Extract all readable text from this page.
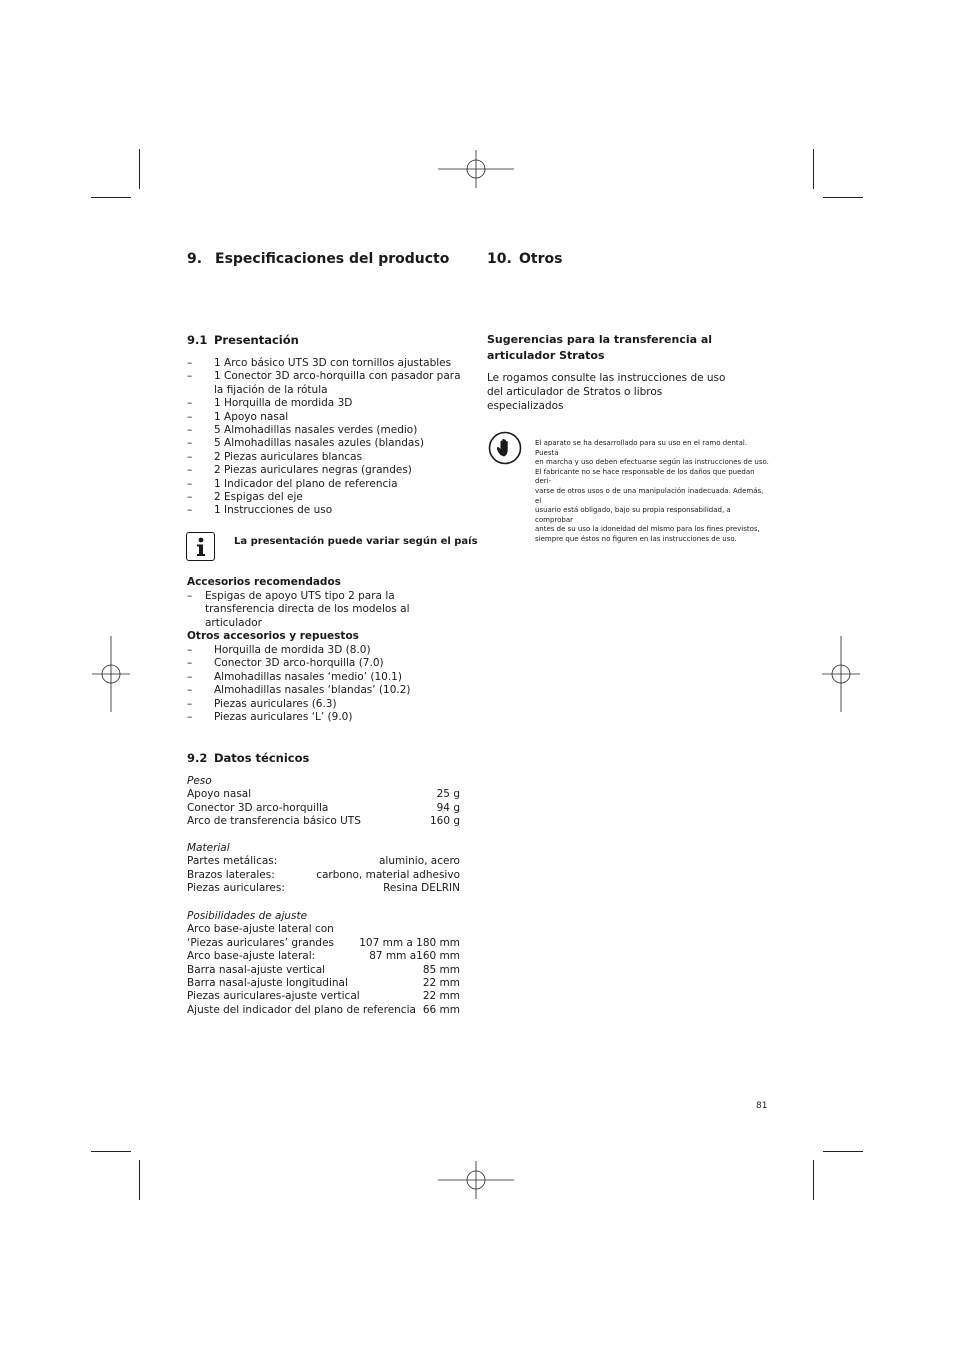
9. Especificaciones del producto
9.1 Presentación
– 1 Arco básico UTS 3D con tornillos ajustables
– 1 Conector 3D arco-horquilla con pasador para la fijación de la rótula
– 1 Horquilla de mordida 3D
– 1 Apoyo nasal
– 5 Almohadillas nasales verdes (medio)
– 5 Almohadillas nasales azules (blandas)
– 2 Piezas auriculares blancas
– 2 Piezas auriculares negras (grandes)
– 1 Indicador del plano de referencia
– 2 Espigas del eje
– 1 Instrucciones de uso
La presentación puede variar según el país
Accesorios recomendados
– Espigas de apoyo UTS tipo 2 para la transferencia directa de los modelos al articulador
Otros accesorios y repuestos
– Horquilla de mordida 3D (8.0)
– Conector 3D arco-horquilla (7.0)
– Almohadillas nasales ‘medio’ (10.1)
– Almohadillas nasales ‘blandas’ (10.2)
– Piezas auriculares (6.3)
– Piezas auriculares ‘L’ (9.0)
9.2 Datos técnicos
Peso
Apoyo nasal	25 g
Conector 3D arco-horquilla	94 g
Arco de transferencia básico UTS	160 g
Material
Partes metálicas:	aluminio, acero
Brazos laterales:	carbono, material adhesivo
Piezas auriculares:	Resina DELRIN
Posibilidades de ajuste
Arco base-ajuste lateral con
‘Piezas auriculares’ grandes 107 mm a 180 mm
Arco base-ajuste lateral:	87 mm a160 mm
Barra nasal-ajuste vertical	85 mm
Barra nasal-ajuste longitudinal	22 mm
Piezas auriculares-ajuste vertical	22 mm
Ajuste del indicador del plano de referencia 66 mm
10. Otros
Sugerencias para la transferencia al articulador Stratos
Le rogamos consulte las instrucciones de uso del articulador de Stratos o libros especializados
El aparato se ha desarrollado para su uso en el ramo dental. Puesta
en marcha y uso deben efectuarse según las instrucciones de uso.
El fabricante no se hace responsable de los daños que puedan deri-
varse de otros usos o de una manipulación inadecuada. Además, el
usuario está obligado, bajo su propia responsabilidad, a comprobar
antes de su uso la idoneidad del mismo para los fines previstos,
siempre que éstos no figuren en las instrucciones de uso.
81
